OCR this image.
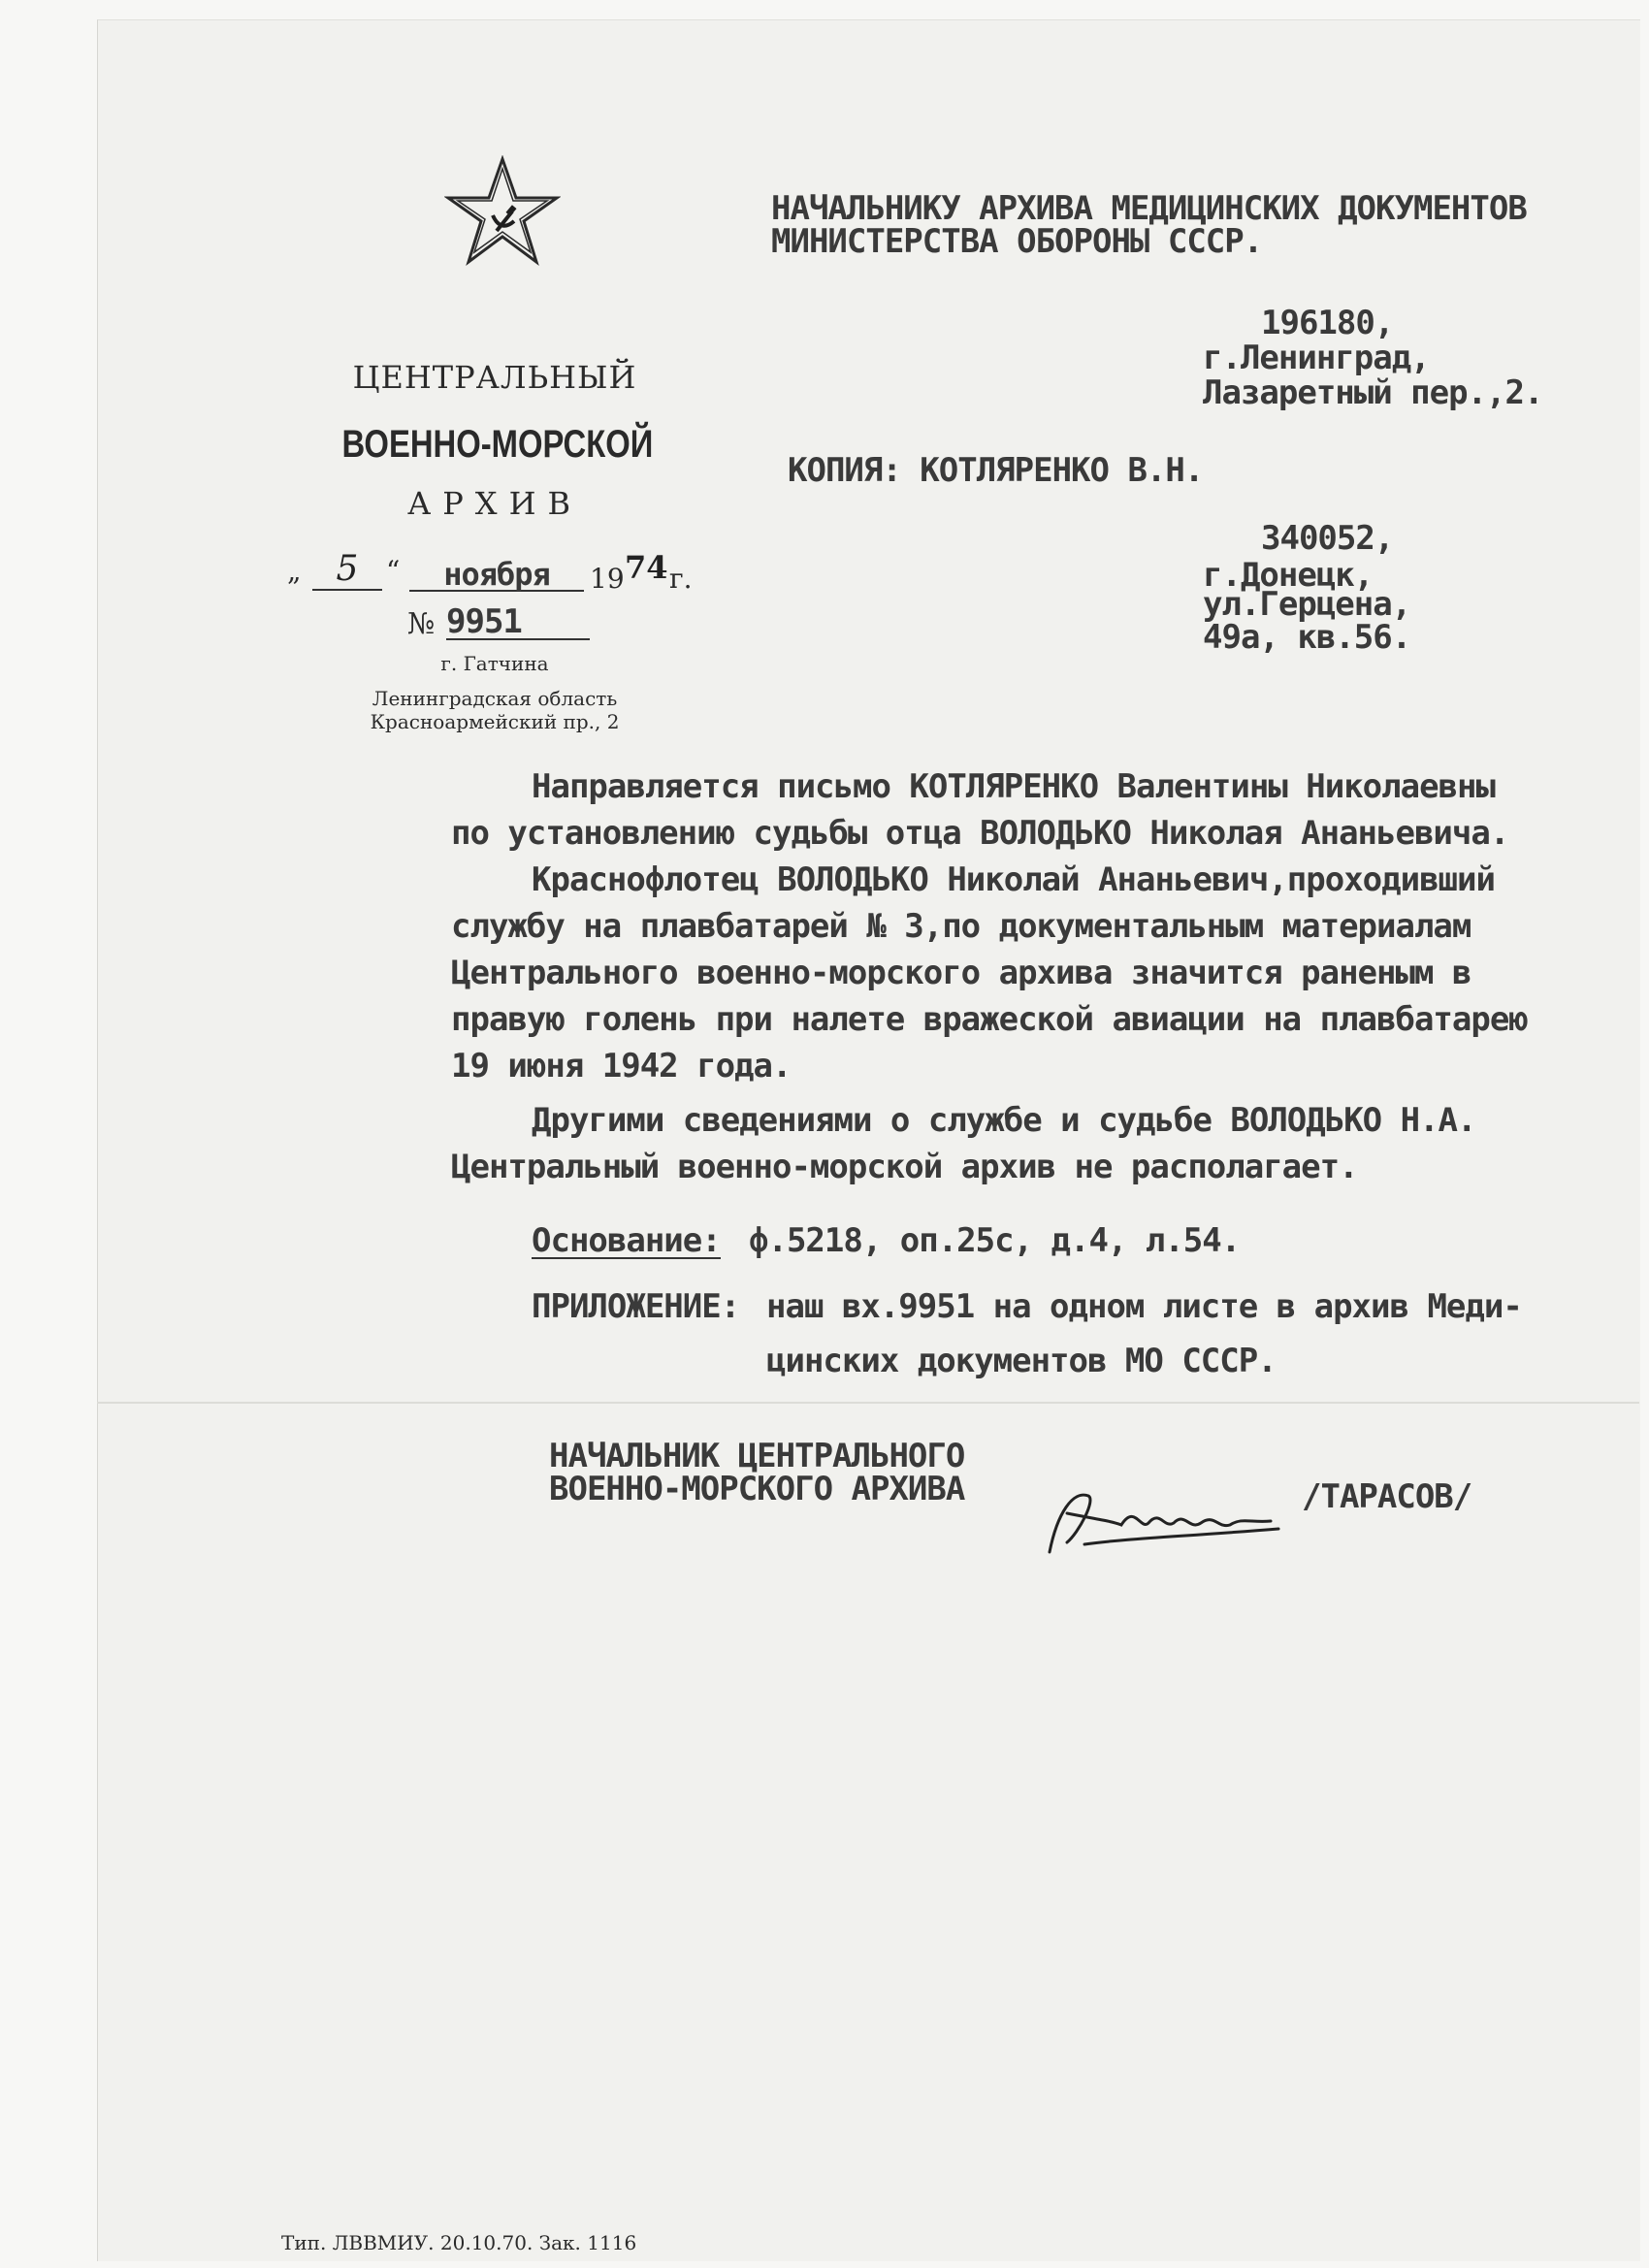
ЦЕНТРАЛЬНЫЙ
ВОЕННО-МОРСКОЙ
АРХИВ
„	5	“	ноября	19 74 г.
№ 9951
г. Гатчина
Ленинградская область
Красноармейский пр., 2
НАЧАЛЬНИКУ АРХИВА МЕДИЦИНСКИХ ДОКУМЕНТОВ
МИНИСТЕРСТВА ОБОРОНЫ СССР.
196180,
г.Ленинград,
Лазаретный пер.,2.
КОПИЯ: КОТЛЯРЕНКО В.Н.
340052,
г.Донецк,
ул.Герцена,
49а, кв.56.
Направляется письмо КОТЛЯРЕНКО Валентины Николаевны
по установлению судьбы отца ВОЛОДЬКО Николая Ананьевича.
Краснофлотец ВОЛОДЬКО Николай Ананьевич,проходивший
службу на плавбатарей № 3,по документальным материалам
Центрального военно-морского архива значится раненым в
правую голень при налете вражеской авиации на плавбатарею
19 июня 1942 года.
Другими сведениями о службе и судьбе ВОЛОДЬКО Н.А.
Центральный военно-морской архив не располагает.
Основание: ф.5218, оп.25с, д.4, л.54.
ПРИЛОЖЕНИЕ: наш вх.9951 на одном листе в архив Меди-
цинских документов МО СССР.
НАЧАЛЬНИК ЦЕНТРАЛЬНОГО
ВОЕННО-МОРСКОГО АРХИВА	/ТАРАСОВ/
Тип. ЛВВМИУ. 20.10.70. Зак. 1116
